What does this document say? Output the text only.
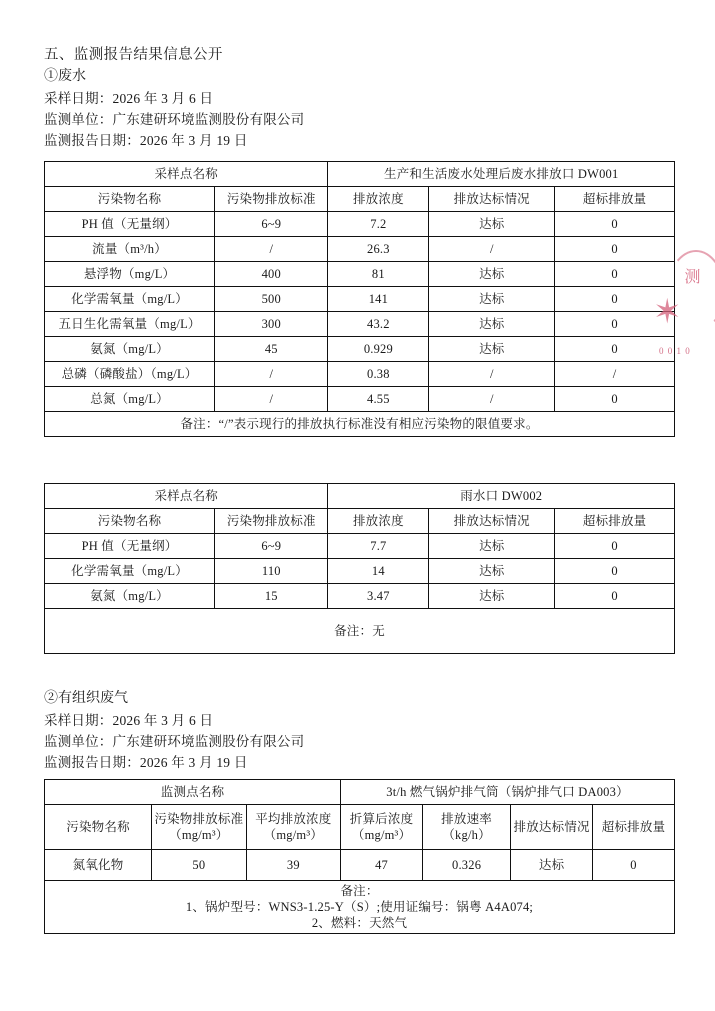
五、监测报告结果信息公开
①废水
采样日期：2026 年 3 月 6 日
监测单位：广东建研环境监测股份有限公司
监测报告日期：2026 年 3 月 19 日
采样点名称		生产和生活废水处理后废水排放口 DW001		
污染物名称	污染物排放标准	排放浓度	排放达标情况	超标排放量
PH 值（无量纲）	6~9	7.2	达标	0
流量（m³/h）	/	26.3	/	0
悬浮物（mg/L）	400	81	达标	0
化学需氧量（mg/L）	500	141	达标	0
五日生化需氧量（mg/L）	300	43.2	达标	0
氨氮（mg/L）	45	0.929	达标	0
总磷（磷酸盐）（mg/L）	/	0.38	/	/
总氮（mg/L）	/	4.55	/	0
备注：“/”表示现行的排放执行标准没有相应污染物的限值要求。				
采样点名称		雨水口 DW002		
污染物名称	污染物排放标准	排放浓度	排放达标情况	超标排放量
PH 值（无量纲）	6~9	7.7	达标	0
化学需氧量（mg/L）	110	14	达标	0
氨氮（mg/L）	15	3.47	达标	0
备注：无				
②有组织废气
采样日期：2026 年 3 月 6 日
监测单位：广东建研环境监测股份有限公司
监测报告日期：2026 年 3 月 19 日
监测点名称			3t/h 燃气锅炉排气筒（锅炉排气口 DA003）			
污染物名称	污染物排放标准（mg/m³）	平均排放浓度（mg/m³）	折算后浓度（mg/m³）	排放速率（kg/h）	排放达标情况	超标排放量
氮氧化物	50	39	47	0.326	达标	0

备注：
1、锅炉型号：WNS3-1.25-Y（S）;使用证编号：锅粤 A4A074;
2、燃料：天然气						
测
✶
0 0 1 0
